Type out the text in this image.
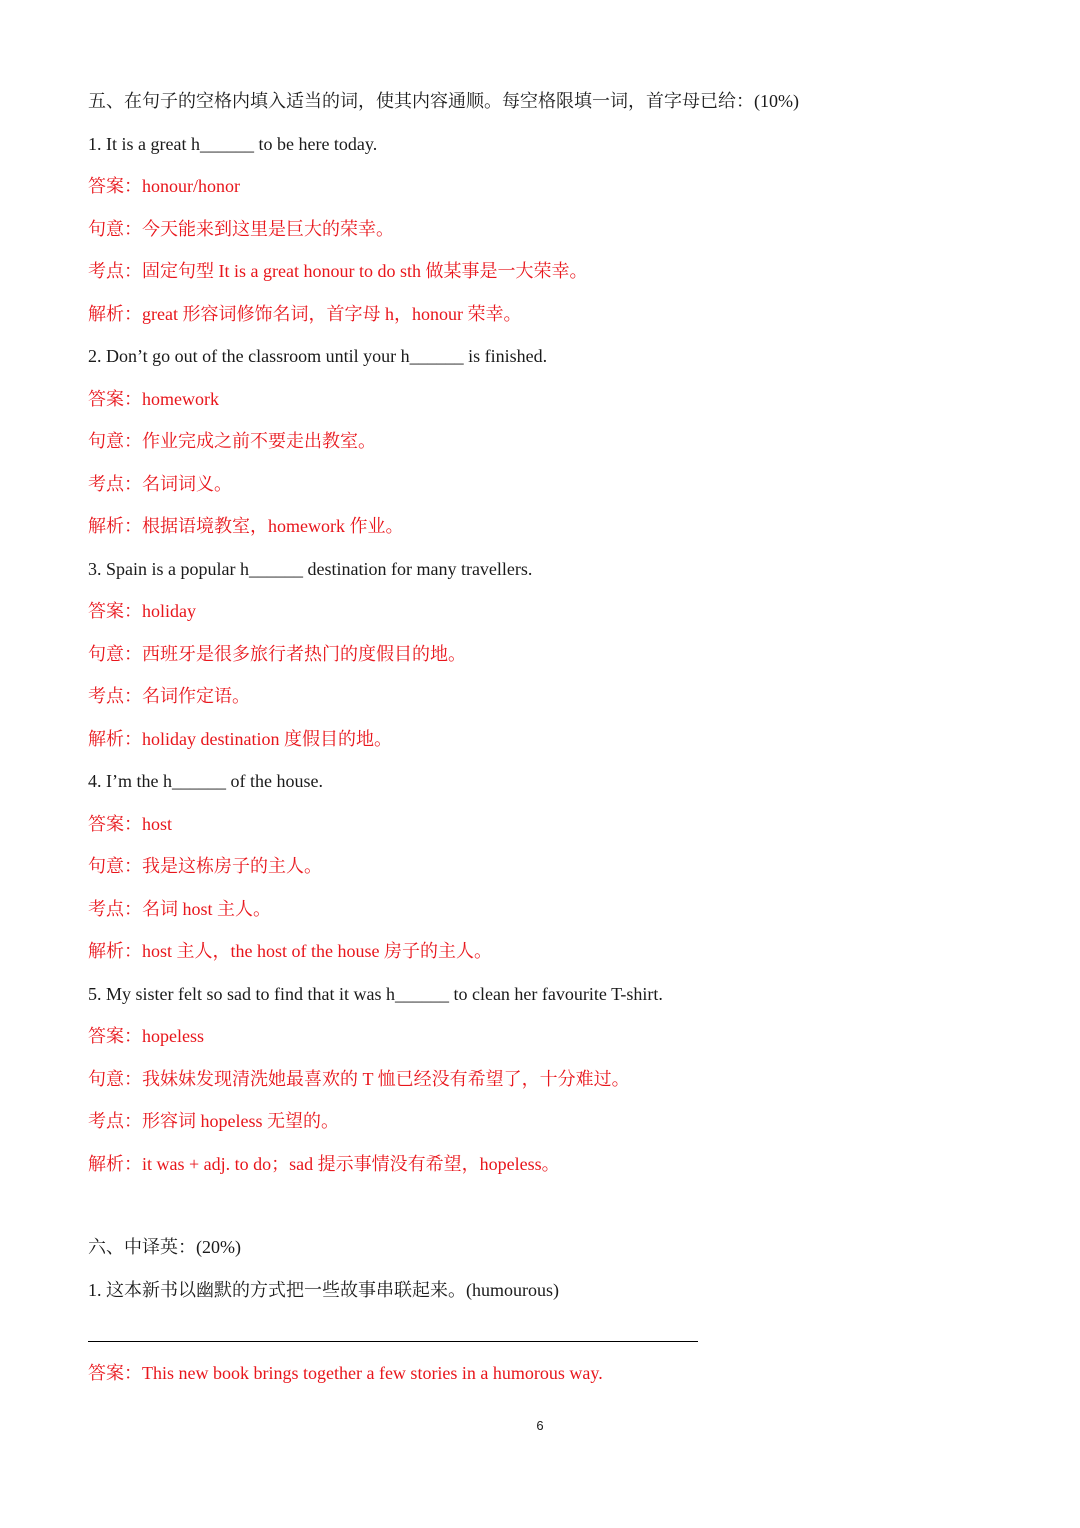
五、在句子的空格内填入适当的词，使其内容通顺。每空格限填一词，首字母已给：(10%)
1. It is a great h______ to be here today.
答案：honour/honor
句意：今天能来到这里是巨大的荣幸。
考点：固定句型 It is a great honour to do sth 做某事是一大荣幸。
解析：great 形容词修饰名词，首字母 h，honour 荣幸。
2. Don’t go out of the classroom until your h______ is finished.
答案：homework
句意：作业完成之前不要走出教室。
考点：名词词义。
解析：根据语境教室，homework 作业。
3. Spain is a popular h______ destination for many travellers.
答案：holiday
句意：西班牙是很多旅行者热门的度假目的地。
考点：名词作定语。
解析：holiday destination 度假目的地。
4. I’m the h______ of the house.
答案：host
句意：我是这栋房子的主人。
考点：名词 host 主人。
解析：host 主人，the host of the house 房子的主人。
5. My sister felt so sad to find that it was h______ to clean her favourite T-shirt.
答案：hopeless
句意：我妹妹发现清洗她最喜欢的 T 恤已经没有希望了，十分难过。
考点：形容词 hopeless 无望的。
解析：it was + adj. to do；sad 提示事情没有希望，hopeless。
六、中译英：(20%)
1. 这本新书以幽默的方式把一些故事串联起来。(humourous)
答案：This new book brings together a few stories in a humorous way.
6
